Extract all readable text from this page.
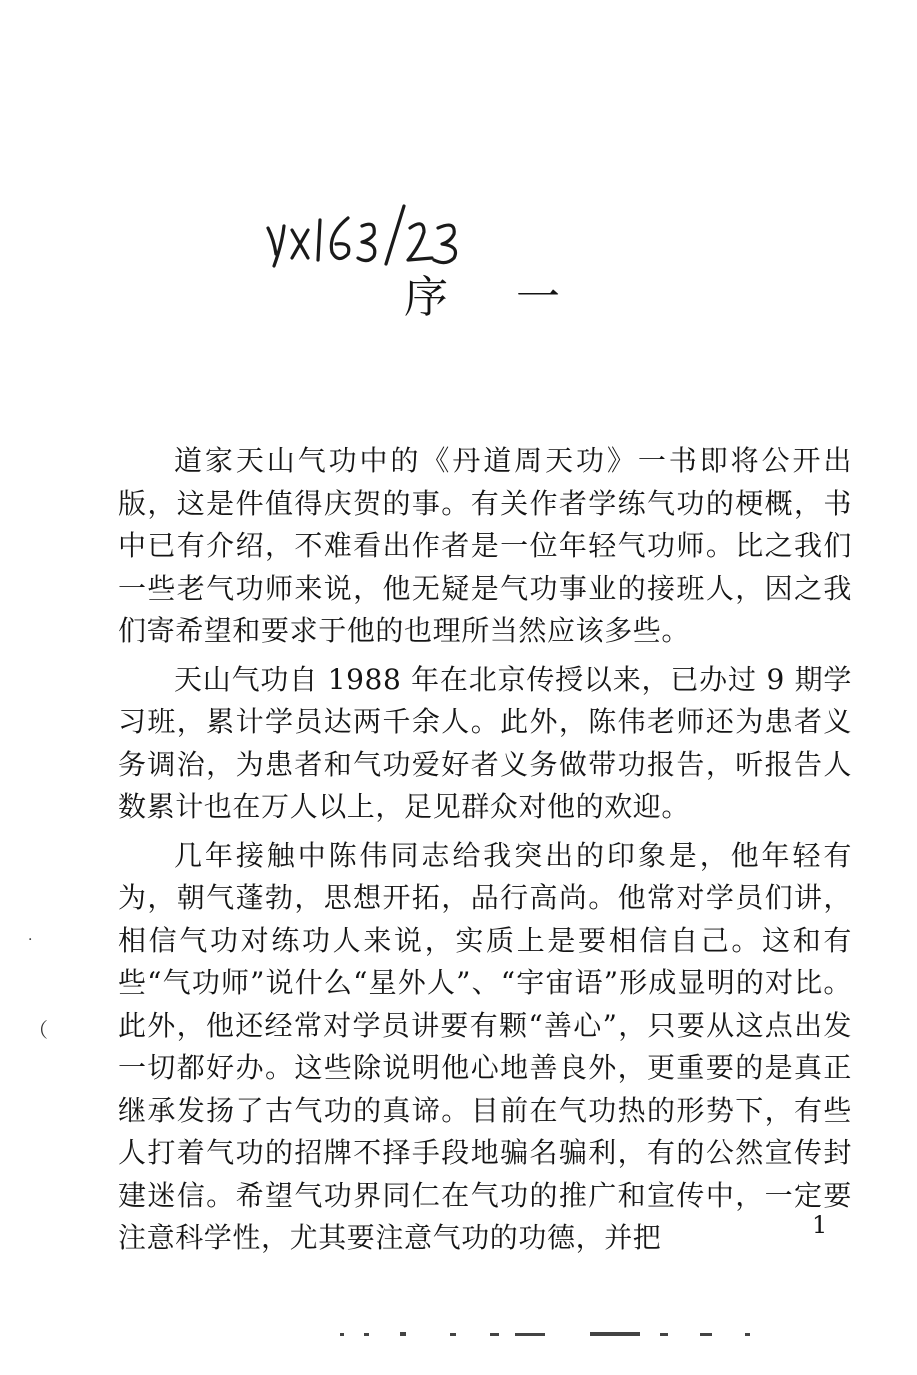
序 一

道家天山气功中的《丹道周天功》一书即将公开出版，这是件值得庆贺的事。有关作者学练气功的梗概，书中已有介绍，不难看出作者是一位年轻气功师。比之我们一些老气功师来说，他无疑是气功事业的接班人，因之我们寄希望和要求于他的也理所当然应该多些。

天山气功自 1988 年在北京传授以来，已办过 9 期学习班，累计学员达两千余人。此外，陈伟老师还为患者义务调治，为患者和气功爱好者义务做带功报告，听报告人数累计也在万人以上，足见群众对他的欢迎。

几年接触中陈伟同志给我突出的印象是，他年轻有为，朝气蓬勃，思想开拓，品行高尚。他常对学员们讲，相信气功对练功人来说，实质上是要相信自己。这和有些“气功师”说什么“星外人”、“宇宙语”形成显明的对比。此外，他还经常对学员讲要有颗“善心”，只要从这点出发一切都好办。这些除说明他心地善良外，更重要的是真正继承发扬了古气功的真谛。目前在气功热的形势下，有些人打着气功的招牌不择手段地骗名骗利，有的公然宣传封建迷信。希望气功界同仁在气功的推广和宣传中，一定要注意科学性，尤其要注意气功的功德，并把

·
（
1
